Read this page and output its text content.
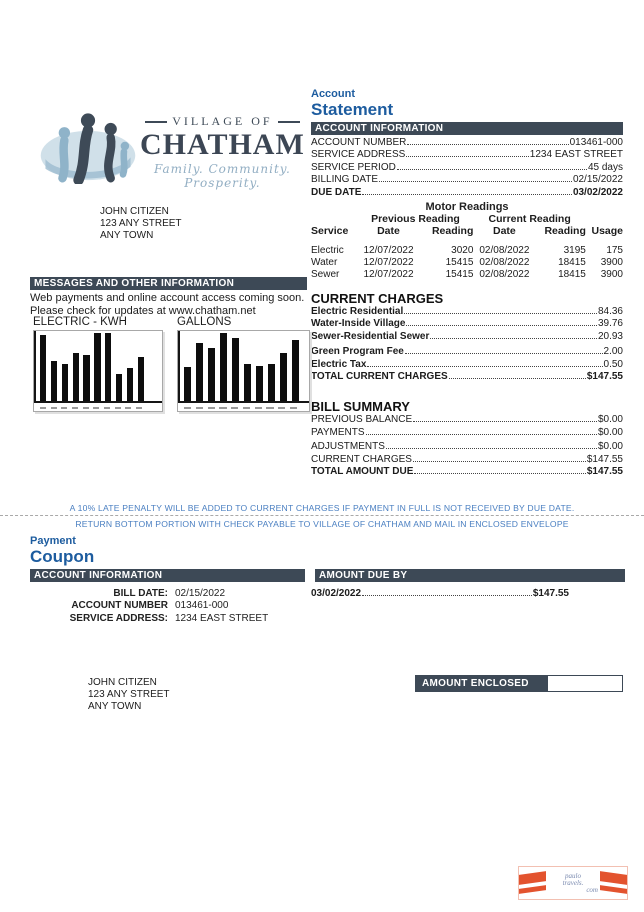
VILLAGE OF
CHATHAM
Family. Community. Prosperity.
JOHN CITIZEN
123 ANY STREET
ANY TOWN
Account
Statement
ACCOUNT INFORMATION
ACCOUNT NUMBER	013461-000
SERVICE ADDRESS	1234 EAST STREET
SERVICE PERIOD	45 days
BILLING DATE	02/15/2022
DUE DATE	03/02/2022
Motor Readings
	Previous Reading		Current Reading		
Service	Date	Reading	Date	Reading	Usage

Electric	12/07/2022	3020	02/08/2022	3195	175
Water	12/07/2022	15415	02/08/2022	18415	3900
Sewer	12/07/2022	15415	02/08/2022	18415	3900
CURRENT CHARGES
Electric Residential	84.36
Water-Inside Village	39.76
Sewer-Residential Sewer	20.93
Green Program Fee	2.00
Electric Tax	0.50
TOTAL CURRENT CHARGES	$147.55
BILL SUMMARY
PREVIOUS BALANCE	$0.00
PAYMENTS	$0.00
ADJUSTMENTS	$0.00
CURRENT CHARGES	$147.55
TOTAL AMOUNT DUE	$147.55
MESSAGES AND OTHER INFORMATION
Web payments and online account access coming soon.
Please check for updates at www.chatham.net
ELECTRIC - KWH	GALLONS
A 10% LATE PENALTY WILL BE ADDED TO CURRENT CHARGES IF PAYMENT IN FULL IS NOT RECEIVED BY DUE DATE.
RETURN BOTTOM PORTION WITH CHECK PAYABLE TO VILLAGE OF CHATHAM AND MAIL IN ENCLOSED ENVELOPE
Payment
Coupon
ACCOUNT INFORMATION	AMOUNT DUE BY
BILL DATE: 02/15/2022
ACCOUNT NUMBER 013461-000
SERVICE ADDRESS: 1234 EAST STREET
03/02/2022	$147.55
JOHN CITIZEN
123 ANY STREET
ANY TOWN
AMOUNT ENCLOSED
paulo
travels.
com
